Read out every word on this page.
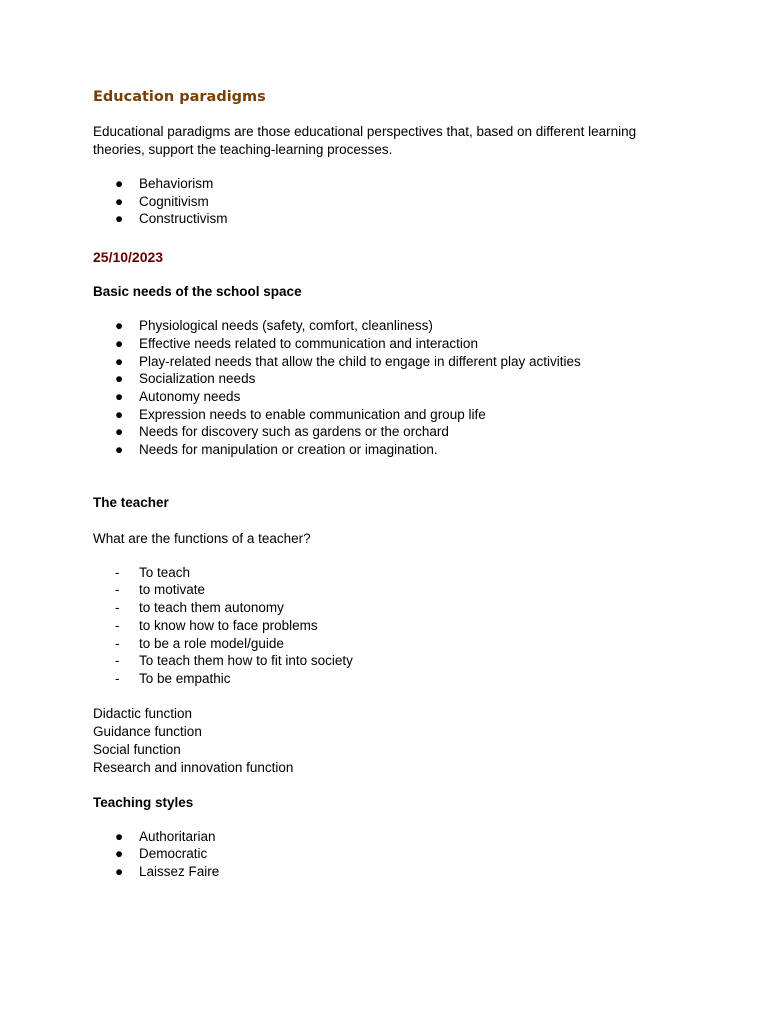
Education paradigms

Educational paradigms are those educational perspectives that, based on different learning theories, support the teaching-learning processes.

●	Behaviorism
●	Cognitivism
●	Constructivism
25/10/2023
Basic needs of the school space
●	Physiological needs (safety, comfort, cleanliness)
●	Effective needs related to communication and interaction
●	Play-related needs that allow the child to engage in different play activities
●	Socialization needs
●	Autonomy needs
●	Expression needs to enable communication and group life
●	Needs for discovery such as gardens or the orchard
●	Needs for manipulation or creation or imagination.
The teacher

What are the functions of a teacher?

-	To teach
-	to motivate
-	to teach them autonomy
-	to know how to face problems
-	to be a role model/guide
-	To teach them how to fit into society
-	To be empathic
Didactic function
Guidance function
Social function
Research and innovation function
Teaching styles
●	Authoritarian
●	Democratic
●	Laissez Faire
